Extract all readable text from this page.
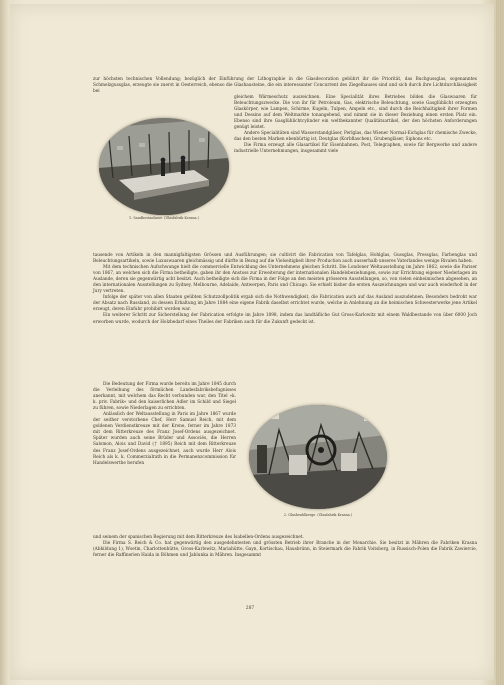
zur höchsten technischen Vollendung; bezüglich der Einführung der Lithographie in die Glasdecoration gebührt ihr die Priorität, das Buchgussglas, sogenanntes Schmelzgussglas, erzeugte sie zuerst in Oesterreich, ebenso die Glashausteine, die ein interessanter Concurrent des Ziegelhauses sind und sich durch ihre Lichtdurchlässigkeit bei

1. Sandbestanlasse. (Glasfabrik Krasna.)

gleichem Wärmeschutz auszeichnen. Eine Specialität ihres Betriebes bilden die Glaswaaren für Beleuchtungszwecke. Die von ihr für Petroleum, Gas, elektrische Beleuchtung, sowie Gasglühlicht erzeugten Glaskörper, wie Lampen, Schirme, Kugeln, Tulpen, Ampeln etc., sind durch die Reichhaltigkeit ihrer Formen und Dessins auf dem Weltmarkte tonangebend, und nimmt sie in dieser Beziehung einen ersten Platz ein. Ebenso sind ihre Gasglühlichtcylinder ein weltbekannter Qualitätsartikel, der den höchsten Anforderungen genügt leistet.

Andere Specialitäten sind Wasserstandgläser, Perlglas, das Wiener Normal-Eichglas für chemische Zwecke, das den besten Marken ebenbürtig ist, Deutglas (Korbflaschen), Grubengläser, Siphons etc.

Die Firma erzeugt alle Glasartikel für Eisenbahnen, Post, Telegraphen, sowie für Bergwerke und andere industrielle Unternehmungen, insgesammt viele

tausende von Artikeln in den mannigfaltigsten Grössen und Ausführungen; sie cultivirt die Fabrication von Tafelglas, Hohlglas, Gussglas, Pressglas, Farbenglas und Beleuchtungsartikeln, sowie Luxuswaaren gleichmässig und dürfte in Bezug auf die Vielseitigkeit ihrer Production auch ausserhalb unseres Vaterlandes wenige Rivalen haben.

Mit dem technischen Aufschwunge hielt die commercielle Entwicklung des Unternehmens gleichen Schritt. Die Londoner Weltausstellung im Jahre 1862, sowie die Pariser von 1867, an welchen sich die Firma betheiligte, gaben ihr den Anstoss zur Erweiterung der internationalen Handelsbeziehungen, sowie zur Errichtung eigener Niederlagen im Auslande, deren sie gegenwärtig acht besitzt. Auch betheiligte sich die Firma in der Folge an den meisten grösseren Ausstellungen, so, von vielen einheimischen abgesehen, an den internationalen Ausstellungen zu Sydney, Melbourne, Adelaide, Antwerpen, Paris und Chicago. Sie erhielt bisher die ersten Auszeichnungen und war auch wiederholt in der Jury vertreten.

Infolge der später von allen Staaten geübten Schutzzollpolitik ergab sich die Nothwendigkeit, die Fabrication auch auf das Ausland auszudehnen. Besonders bedroht war der Absatz nach Russland, zu dessen Erhaltung im Jahre 1884 eine eigene Fabrik daselbst errichtet wurde, welche in Anlehnung an die heimischen Schwesterwerke jene Artikel erzeugt, deren Einfuhr prohibirt worden war.

Ein weiterer Schritt zur Sicherstellung der Fabrication erfolgte im Jahre 1898, indem das landtäfliche Gut Gross-Karlowitz mit einem Waldbestande von über 6000 Joch erworben wurde, wodurch der Holzbedarf eines Theiles der Fabriken auch für die Zukunft gedeckt ist.

Die Bedeutung der Firma wurde bereits im Jahre 1845 durch die Verleihung des förmlichen Landesfabriksbefugnisses anerkannt, mit welchem das Recht verbunden war, den Titel »k. k. priv. Fabrik« und den kaiserlichen Adler im Schild und Siegel zu führen, sowie Niederlagen zu errichten.

Anlässlich der Weltausstellung in Paris im Jahre 1867 wurde der seither verstorbene Chef, Herr Samuel Reich, mit dem goldenen Verdienstkreuze mit der Krone, ferner im Jahre 1873 mit dem Ritterkreuze des Franz Josef-Ordens ausgezeichnet. Später wurden auch seine Brüder und Associés, die Herren Salomon, Alois und David († 1895) Reich mit dem Ritterkreuze des Franz Josef-Ordens ausgezeichnet, auch wurde Herr Alois Reich als k. k. Commerzialrath in die Permanenzcommission für Handelswerthe berufen

2. Glasbeuhlkerge. (Glasfabrik Krasna.)

und seinem der spanischen Regierung mit dem Ritterkreuze des Isabellen-Ordens ausgezeichnet.

Die Firma S. Reich & Co. hat gegenwärtig den ausgedehntesten und grössten Betrieb ihrer Branche in der Monarchie. Sie besitzt in Mähren die Fabriken Krasna (Abbildung 1), Wsetin, Charlottenhütte, Gross-Karlowitz, Mariahütte, Gayn, Kortischau, Hausbrünn, in Steiermark die Fabrik Voitsberg, in Russisch-Polen die Fabrik Zawiercie, ferner die Raffinerien Haida in Böhmen und Jablunka in Mähren. Insgesammt

287
